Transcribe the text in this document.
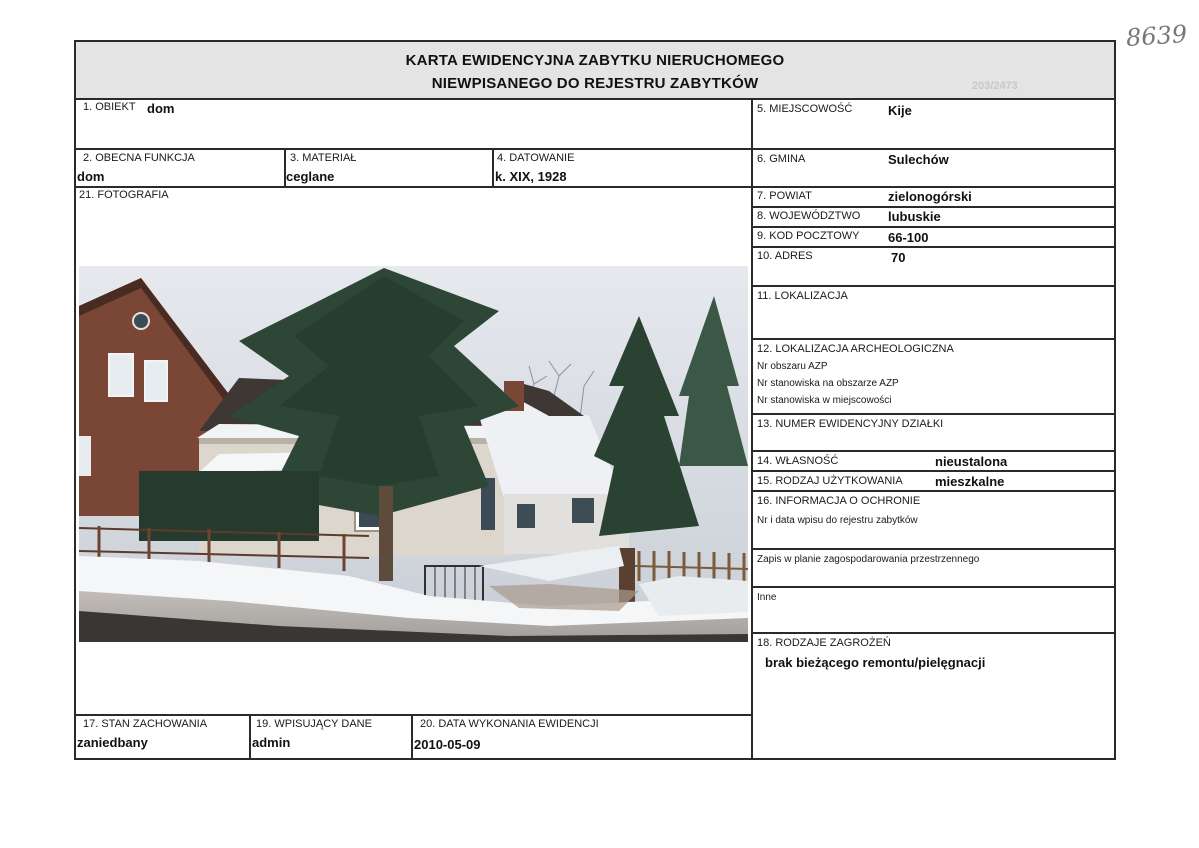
8639
KARTA EWIDENCYJNA ZABYTKU NIERUCHOMEGO
NIEWPISANEGO DO REJESTRU ZABYTKÓW	203/2473
1. OBIEKT dom
2. OBECNA FUNKCJA
dom
3. MATERIAŁ
ceglane
4. DATOWANIE
k. XIX, 1928
21. FOTOGRAFIA
17. STAN ZACHOWANIA
zaniedbany
19. WPISUJĄCY DANE
admin
20. DATA WYKONANIA EWIDENCJI
2010-05-09
5. MIEJSCOWOŚĆ	Kije
6. GMINA	Sulechów
7. POWIAT	zielonogórski
8. WOJEWÓDZTWO lubuskie
9. KOD POCZTOWY 66-100
10. ADRES	70
11. LOKALIZACJA
12. LOKALIZACJA ARCHEOLOGICZNA
Nr obszaru AZP
Nr stanowiska na obszarze AZP
Nr stanowiska w miejscowości
13. NUMER EWIDENCYJNY DZIAŁKI
14. WŁASNOŚĆ	nieustalona
15. RODZAJ UŻYTKOWANIA mieszkalne
16. INFORMACJA O OCHRONIE
Nr i data wpisu do rejestru zabytków
Zapis w planie zagospodarowania przestrzennego
Inne
18. RODZAJE ZAGROŻEŃ
brak bieżącego remontu/pielęgnacji
